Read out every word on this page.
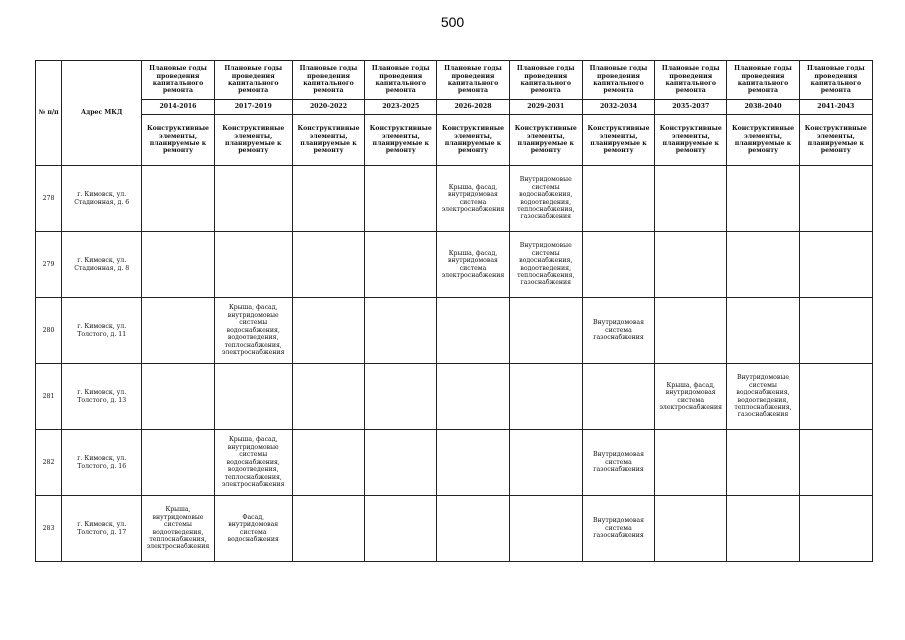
500
№ п/п	Адрес МКД	Плановые годы проведения капитального ремонта	Плановые годы проведения капитального ремонта	Плановые годы проведения капитального ремонта	Плановые годы проведения капитального ремонта	Плановые годы проведения капитального ремонта	Плановые годы проведения капитального ремонта	Плановые годы проведения капитального ремонта	Плановые годы проведения капитального ремонта	Плановые годы проведения капитального ремонта	Плановые годы проведения капитального ремонта
		2014-2016	2017-2019	2020-2022	2023-2025	2026-2028	2029-2031	2032-2034	2035-2037	2038-2040	2041-2043
		Конструктивные элементы, планируемые к ремонту	Конструктивные элементы, планируемые к ремонту	Конструктивные элементы, планируемые к ремонту	Конструктивные элементы, планируемые к ремонту	Конструктивные элементы, планируемые к ремонту	Конструктивные элементы, планируемые к ремонту	Конструктивные элементы, планируемые к ремонту	Конструктивные элементы, планируемые к ремонту	Конструктивные элементы, планируемые к ремонту	Конструктивные элементы, планируемые к ремонту
278	г. Кимовск, ул. Стадионная, д. 6					Крыша, фасад, внутридомовая система электроснабжения	Внутридомовые системы водоснабжения, водоотведения, теплоснабжения, газоснабжения				
279	г. Кимовск, ул. Стадионная, д. 8					Крыша, фасад, внутридомовая система электроснабжения	Внутридомовые системы водоснабжения, водоотведения, теплоснабжения, газоснабжения				
280	г. Кимовск, ул. Толстого, д. 11		Крыша, фасад, внутридомовые системы водоснабжения, водоотведения, теплоснабжения, электроснабжения					Внутридомовая система газоснабжения			
281	г. Кимовск, ул. Толстого, д. 13								Крыша, фасад, внутридомовая система электроснабжения	Внутридомовые системы водоснабжения, водоотведения, теплоснабжения, газоснабжения	
282	г. Кимовск, ул. Толстого, д. 16		Крыша, фасад, внутридомовые системы водоснабжения, водоотведения, теплоснабжения, электроснабжения					Внутридомовая система газоснабжения			
283	г. Кимовск, ул. Толстого, д. 17	Крыша, внутридомовые системы водоотведения, теплоснабжения, электроснабжения	Фасад, внутридомовая система водоснабжения					Внутридомовая система газоснабжения			
